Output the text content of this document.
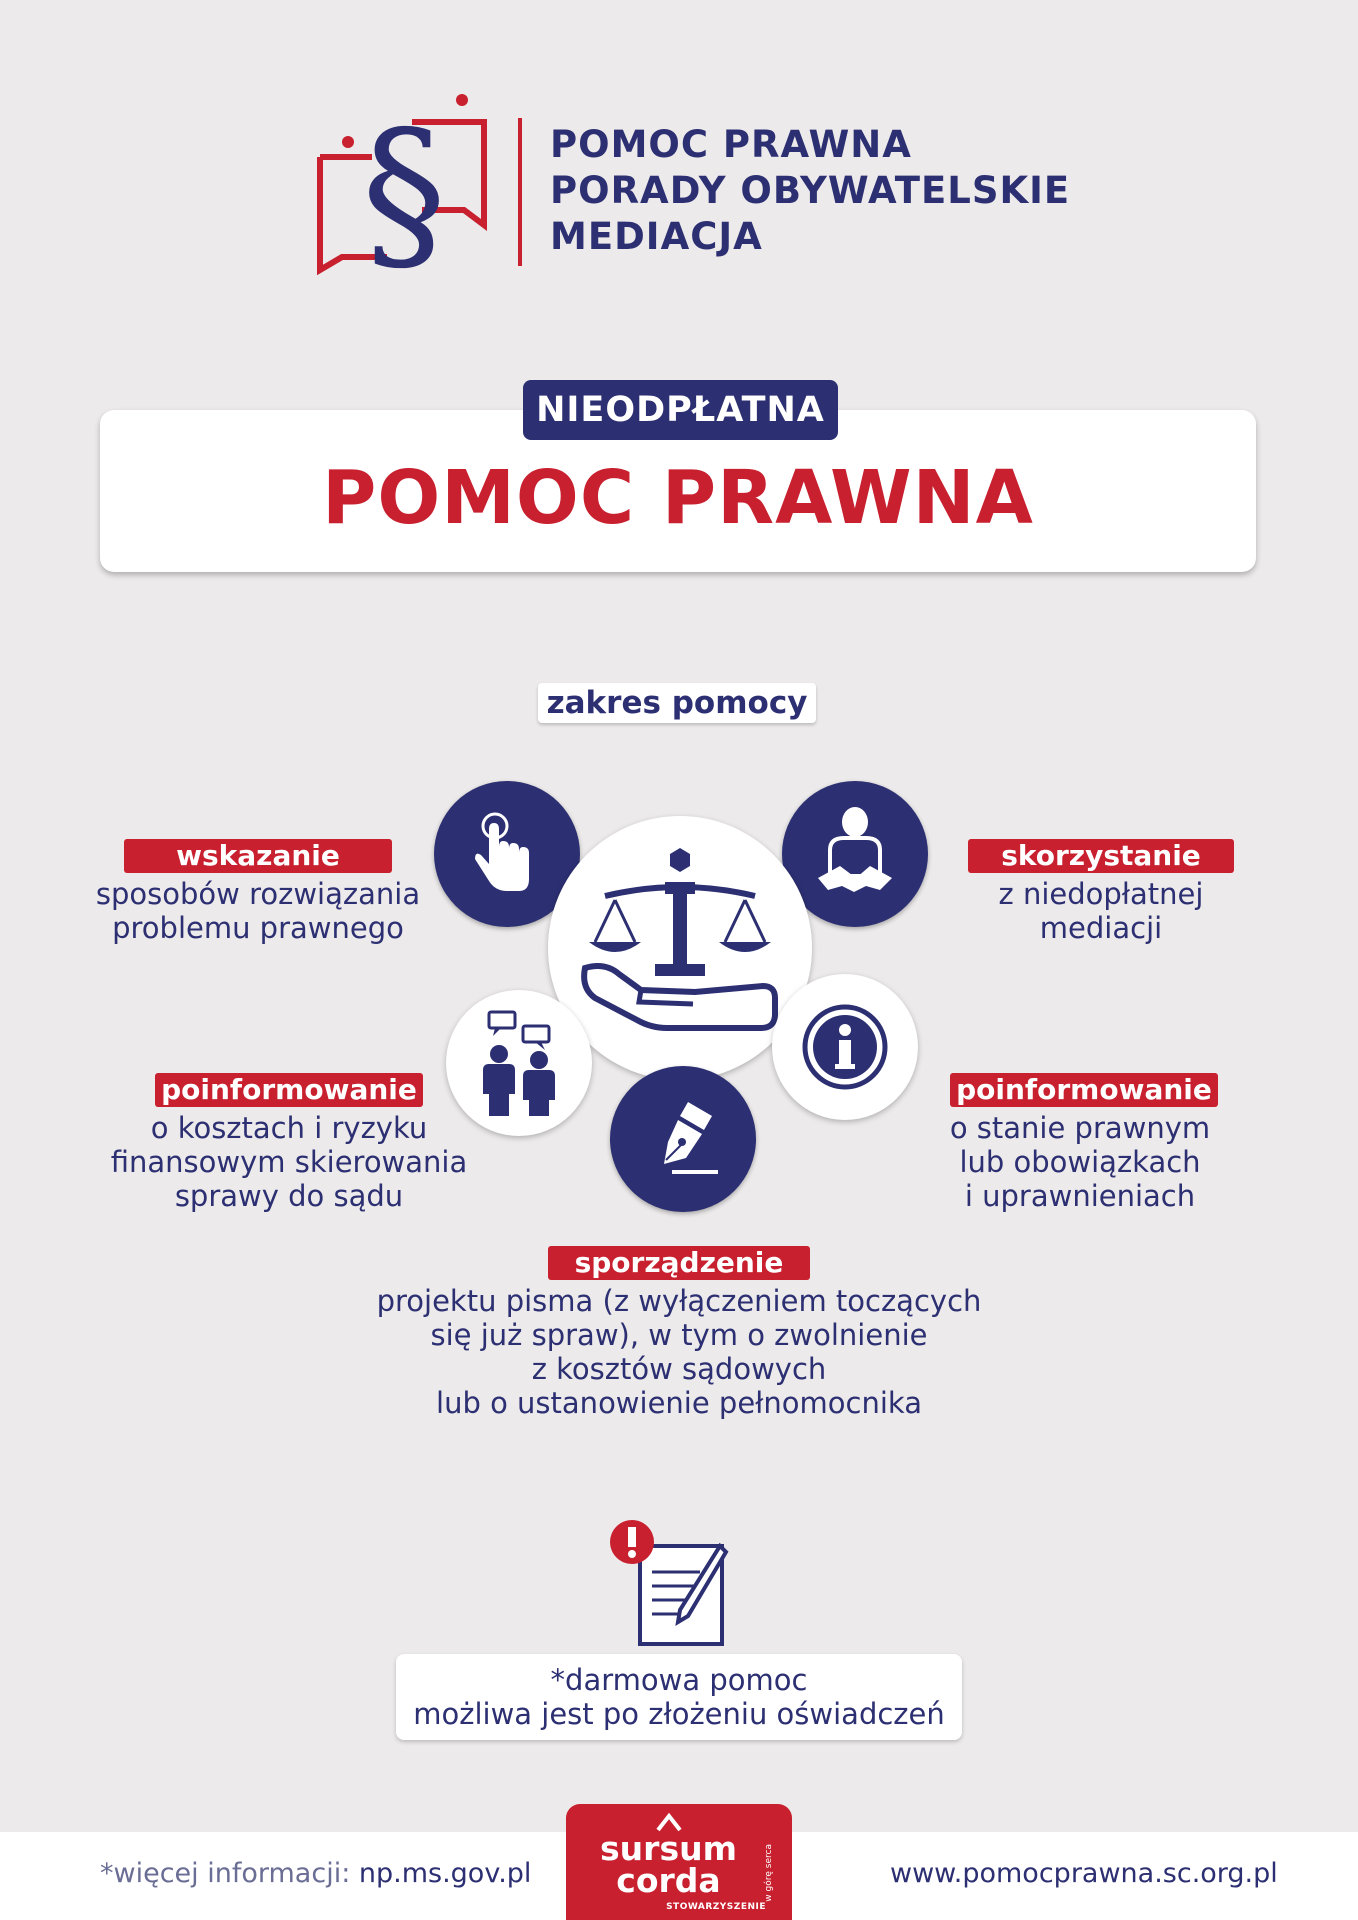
§	POMOC PRAWNA
PORADY OBYWATELSKIE
MEDIACJA
NIEODPŁATNA
POMOC PRAWNA
zakres pomocy
wskazanie
sposobów rozwiązania
problemu prawnego
skorzystanie
z niedopłatnej
mediacji
poinformowanie
o kosztach i ryzyku
finansowym skierowania
sprawy do sądu
poinformowanie
o stanie prawnym
lub obowiązkach
i uprawnieniach
sporządzenie
projektu pisma (z wyłączeniem toczących
się już spraw), w tym o zwolnienie
z kosztów sądowych
lub o ustanowienie pełnomocnika
*darmowa pomoc
możliwa jest po złożeniu oświadczeń
*więcej informacji: np.ms.gov.pl	www.pomocprawna.sc.org.pl
sursum
corda
STOWARZYSZENIE
w górę serca
